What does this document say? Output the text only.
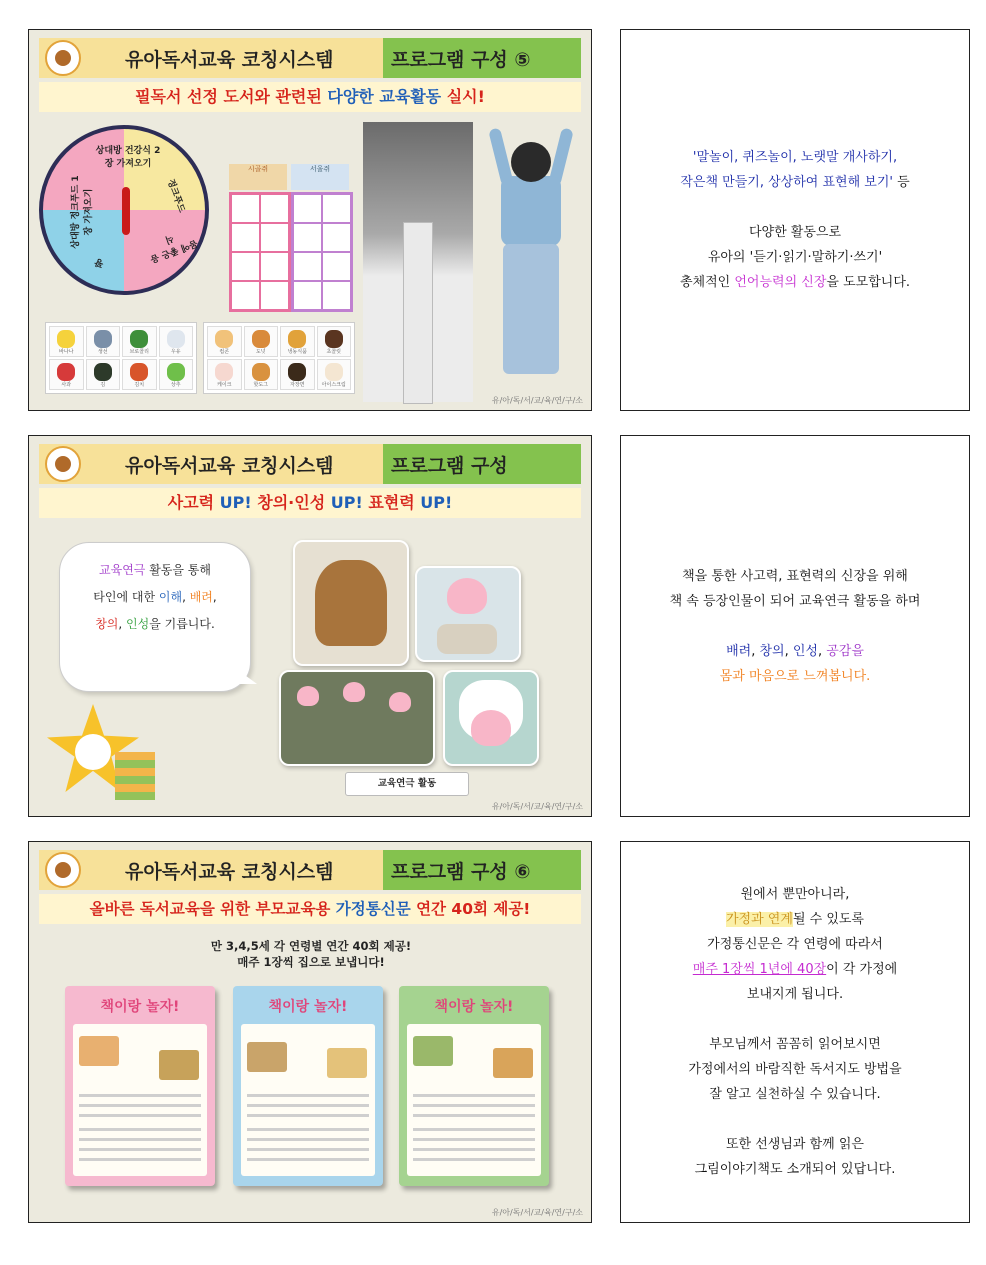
유아독서교육 코칭시스템	프로그램 구성 ⑤
필독서 선정 도서와 관련된 다양한 교육활동 실시!
상대방 건강식 2장 가져오기
정크푸드
몸에 좋은 음식
꽝
상대방 정크푸드 1장 가져오기
시골쥐	서울쥐
바나나	생선	브로콜리	우유
사과	김	김치	상추
컵콘	도넛	냉동식품	초콜릿
케이크	핫도그	자장면	아이스크림
유/아/독/서/교/육/연/구/소

'말놀이, 퀴즈놀이, 노랫말 개사하기,

작은책 만들기, 상상하여 표현해 보기' 등

다양한 활동으로

유아의 '듣기·읽기·말하기·쓰기'

총체적인 언어능력의 신장을 도모합니다.

유아독서교육 코칭시스템	프로그램 구성
사고력 UP! 창의·인성 UP! 표현력 UP!
교육연극 활동을 통해
타인에 대한 이해, 배려,
창의, 인성을 기릅니다.
교육연극 활동
유/아/독/서/교/육/연/구/소

책을 통한 사고력, 표현력의 신장을 위해

책 속 등장인물이 되어 교육연극 활동을 하며

배려, 창의, 인성, 공감을

몸과 마음으로 느껴봅니다.

유아독서교육 코칭시스템	프로그램 구성 ⑥
올바른 독서교육을 위한 부모교육용 가정통신문 연간 40회 제공!
만 3,4,5세 각 연령별 연간 40회 제공!
매주 1장씩 집으로 보냅니다!
책이랑 놀자!	책이랑 놀자!	책이랑 놀자!
유/아/독/서/교/육/연/구/소

원에서 뿐만아니라,

가정과 연계될 수 있도록

가정통신문은 각 연령에 따라서

매주 1장씩 1년에 40장이 각 가정에

보내지게 됩니다.

부모님께서 꼼꼼히 읽어보시면

가정에서의 바람직한 독서지도 방법을

잘 알고 실천하실 수 있습니다.

또한 선생님과 함께 읽은

그림이야기책도 소개되어 있답니다.
